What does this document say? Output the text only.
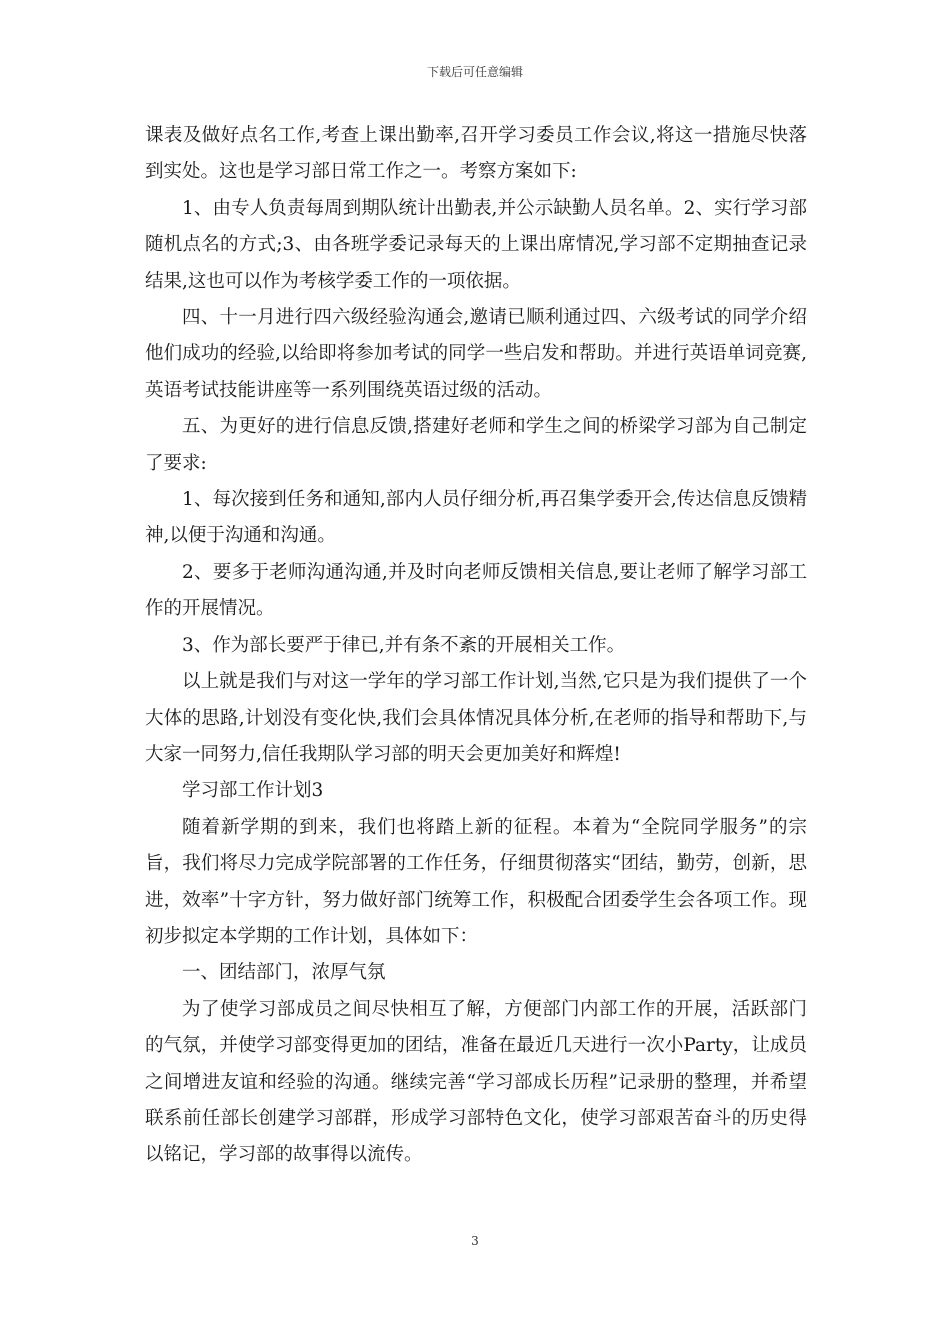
下载后可任意编辑

课表及做好点名工作,考查上课出勤率,召开学习委员工作会议,将这一措施尽快落到实处。这也是学习部日常工作之一。考察方案如下:

1、由专人负责每周到期队统计出勤表,并公示缺勤人员名单。2、实行学习部随机点名的方式;3、由各班学委记录每天的上课出席情况,学习部不定期抽查记录结果,这也可以作为考核学委工作的一项依据。

四、十一月进行四六级经验沟通会,邀请已顺利通过四、六级考试的同学介绍他们成功的经验,以给即将参加考试的同学一些启发和帮助。并进行英语单词竞赛,英语考试技能讲座等一系列围绕英语过级的活动。

五、为更好的进行信息反馈,搭建好老师和学生之间的桥梁学习部为自己制定了要求:

1、每次接到任务和通知,部内人员仔细分析,再召集学委开会,传达信息反馈精神,以便于沟通和沟通。

2、要多于老师沟通沟通,并及时向老师反馈相关信息,要让老师了解学习部工作的开展情况。

3、作为部长要严于律已,并有条不紊的开展相关工作。

以上就是我们与对这一学年的学习部工作计划,当然,它只是为我们提供了一个大体的思路,计划没有变化快,我们会具体情况具体分析,在老师的指导和帮助下,与大家一同努力,信任我期队学习部的明天会更加美好和辉煌!

学习部工作计划3

随着新学期的到来，我们也将踏上新的征程。本着为“全院同学服务”的宗旨，我们将尽力完成学院部署的工作任务，仔细贯彻落实“团结，勤劳，创新，思进，效率”十字方针，努力做好部门统筹工作，积极配合团委学生会各项工作。现初步拟定本学期的工作计划，具体如下：

一、团结部门，浓厚气氛

为了使学习部成员之间尽快相互了解，方便部门内部工作的开展，活跃部门的气氛，并使学习部变得更加的团结，准备在最近几天进行一次小Party，让成员之间增进友谊和经验的沟通。继续完善“学习部成长历程”记录册的整理，并希望联系前任部长创建学习部群，形成学习部特色文化，使学习部艰苦奋斗的历史得以铭记，学习部的故事得以流传。

3
